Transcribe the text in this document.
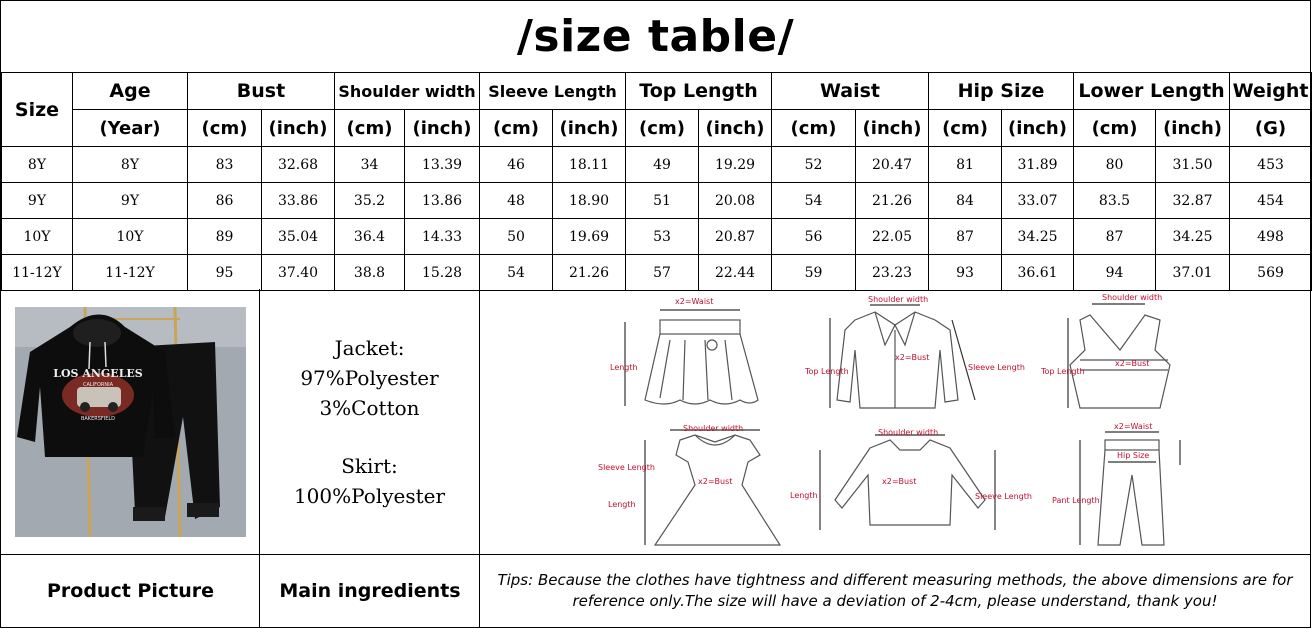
/size table/
Size	Age	Bust		Shoulder width		Sleeve Length		Top Length		Waist		Hip Size		Lower Length		Weight
	(Year)	(cm)	(inch)	(cm)	(inch)	(cm)	(inch)	(cm)	(inch)	(cm)	(inch)	(cm)	(inch)	(cm)	(inch)	(G)
8Y	8Y	83	32.68	34	13.39	46	18.11	49	19.29	52	20.47	81	31.89	80	31.50	453
9Y	9Y	86	33.86	35.2	13.86	48	18.90	51	20.08	54	21.26	84	33.07	83.5	32.87	454
10Y	10Y	89	35.04	36.4	14.33	50	19.69	53	20.87	56	22.05	87	34.25	87	34.25	498
11-12Y	11-12Y	95	37.40	38.8	15.28	54	21.26	57	22.44	59	23.23	93	36.61	94	37.01	569
LOS ANGELES
CALIFORNIA
BAKERSFIELD
Jacket:
97%Polyester
3%Cotton
Skirt:
100%Polyester
x2=Waist
Length
Shoulder width
Top Length	Sleeve Length
x2=Bust
Shoulder width
x2=Bust
Top Length
Shoulder width
Sleeve Length
x2=Bust
Length
Shoulder width
x2=Bust
Length	Sleeve Length
x2=Waist
Hip Size
Pant Length
Product Picture	Main ingredients	Tips: Because the clothes have tightness and different measuring methods, the above dimensions are for reference only.The size will have a deviation of 2-4cm, please understand, thank you!
